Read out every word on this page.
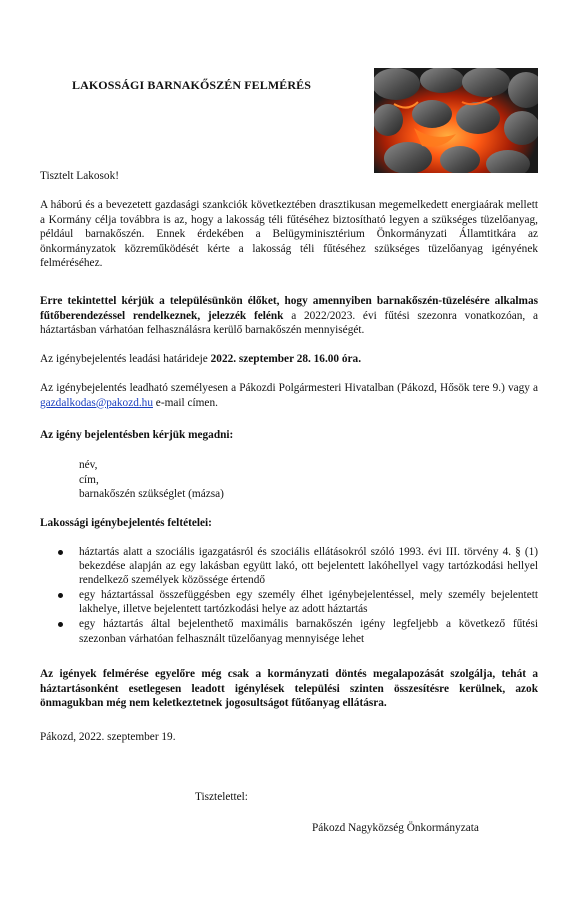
LAKOSSÁGI BARNAKŐSZÉN FELMÉRÉS
Tisztelt Lakosok!
A háború és a bevezetett gazdasági szankciók következtében drasztikusan megemelkedett energiaárak mellett a Kormány célja továbbra is az, hogy a lakosság téli fűtéséhez biztosítható legyen a szükséges tüzelőanyag, például barnakőszén. Ennek érdekében a Belügyminisztérium Önkormányzati Államtitkára az önkormányzatok közreműködését kérte a lakosság téli fűtéséhez szükséges tüzelőanyag igényének felméréséhez.
Erre tekintettel kérjük a településünkön élőket, hogy amennyiben barnakőszén-tüzelésére alkalmas fűtőberendezéssel rendelkeznek, jelezzék felénk a 2022/2023. évi fűtési szezonra vonatkozóan, a háztartásban várhatóan felhasználásra kerülő barnakőszén mennyiségét.
Az igénybejelentés leadási határideje 2022. szeptember 28. 16.00 óra.
Az igénybejelentés leadható személyesen a Pákozdi Polgármesteri Hivatalban (Pákozd, Hősök tere 9.) vagy a gazdalkodas@pakozd.hu e-mail címen.
Az igény bejelentésben kérjük megadni:
név,
cím,
barnakőszén szükséglet (mázsa)
Lakossági igénybejelentés feltételei:
háztartás alatt a szociális igazgatásról és szociális ellátásokról szóló 1993. évi III. törvény 4. § (1) bekezdése alapján az egy lakásban együtt lakó, ott bejelentett lakóhellyel vagy tartózkodási hellyel rendelkező személyek közössége értendő
egy háztartással összefüggésben egy személy élhet igénybejelentéssel, mely személy bejelentett lakhelye, illetve bejelentett tartózkodási helye az adott háztartás
egy háztartás által bejelenthető maximális barnakőszén igény legfeljebb a következő fűtési szezonban várhatóan felhasznált tüzelőanyag mennyisége lehet
Az igények felmérése egyelőre még csak a kormányzati döntés megalapozását szolgálja, tehát a háztartásonként esetlegesen leadott igénylések települési szinten összesítésre kerülnek, azok önmagukban még nem keletkeztetnek jogosultságot fűtőanyag ellátásra.
Pákozd, 2022. szeptember 19.
Tisztelettel:
Pákozd Nagyközség Önkormányzata
